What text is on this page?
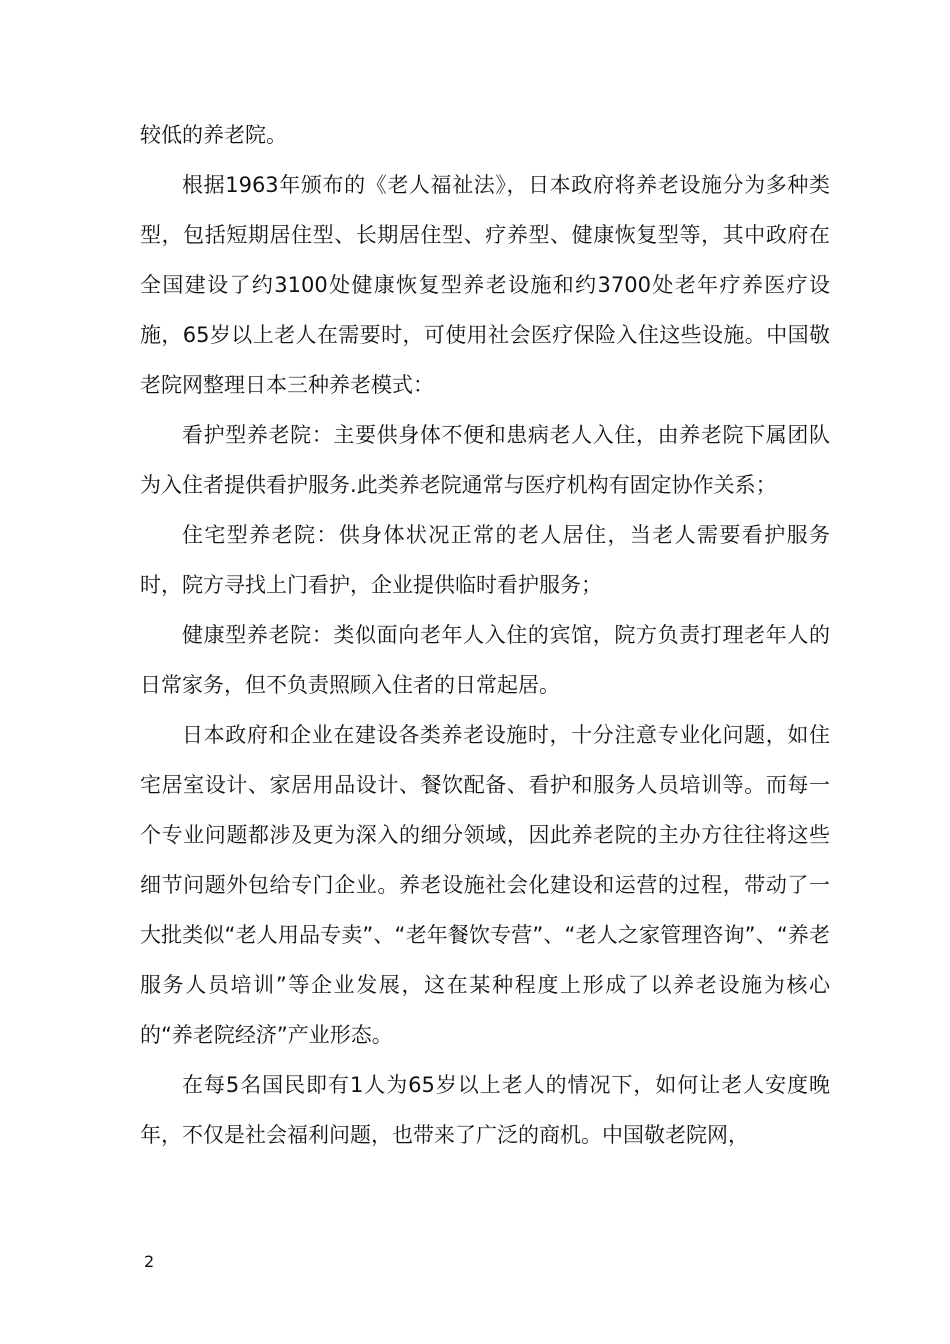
较低的养老院。

根据1963年颁布的《老人福祉法》，日本政府将养老设施分为多种类型，包括短期居住型、长期居住型、疗养型、健康恢复型等，其中政府在全国建设了约3100处健康恢复型养老设施和约3700处老年疗养医疗设施，65岁以上老人在需要时，可使用社会医疗保险入住这些设施。中国敬老院网整理日本三种养老模式：

看护型养老院：主要供身体不便和患病老人入住，由养老院下属团队为入住者提供看护服务.此类养老院通常与医疗机构有固定协作关系；

住宅型养老院：供身体状况正常的老人居住，当老人需要看护服务时，院方寻找上门看护，企业提供临时看护服务；

健康型养老院：类似面向老年人入住的宾馆，院方负责打理老年人的日常家务，但不负责照顾入住者的日常起居。

日本政府和企业在建设各类养老设施时，十分注意专业化问题，如住宅居室设计、家居用品设计、餐饮配备、看护和服务人员培训等。而每一个专业问题都涉及更为深入的细分领域，因此养老院的主办方往往将这些细节问题外包给专门企业。养老设施社会化建设和运营的过程，带动了一大批类似“老人用品专卖”、“老年餐饮专营”、“老人之家管理咨询”、“养老服务人员培训”等企业发展，这在某种程度上形成了以养老设施为核心的“养老院经济”产业形态。

在每5名国民即有1人为65岁以上老人的情况下，如何让老人安度晚年，不仅是社会福利问题，也带来了广泛的商机。中国敬老院网，

2
